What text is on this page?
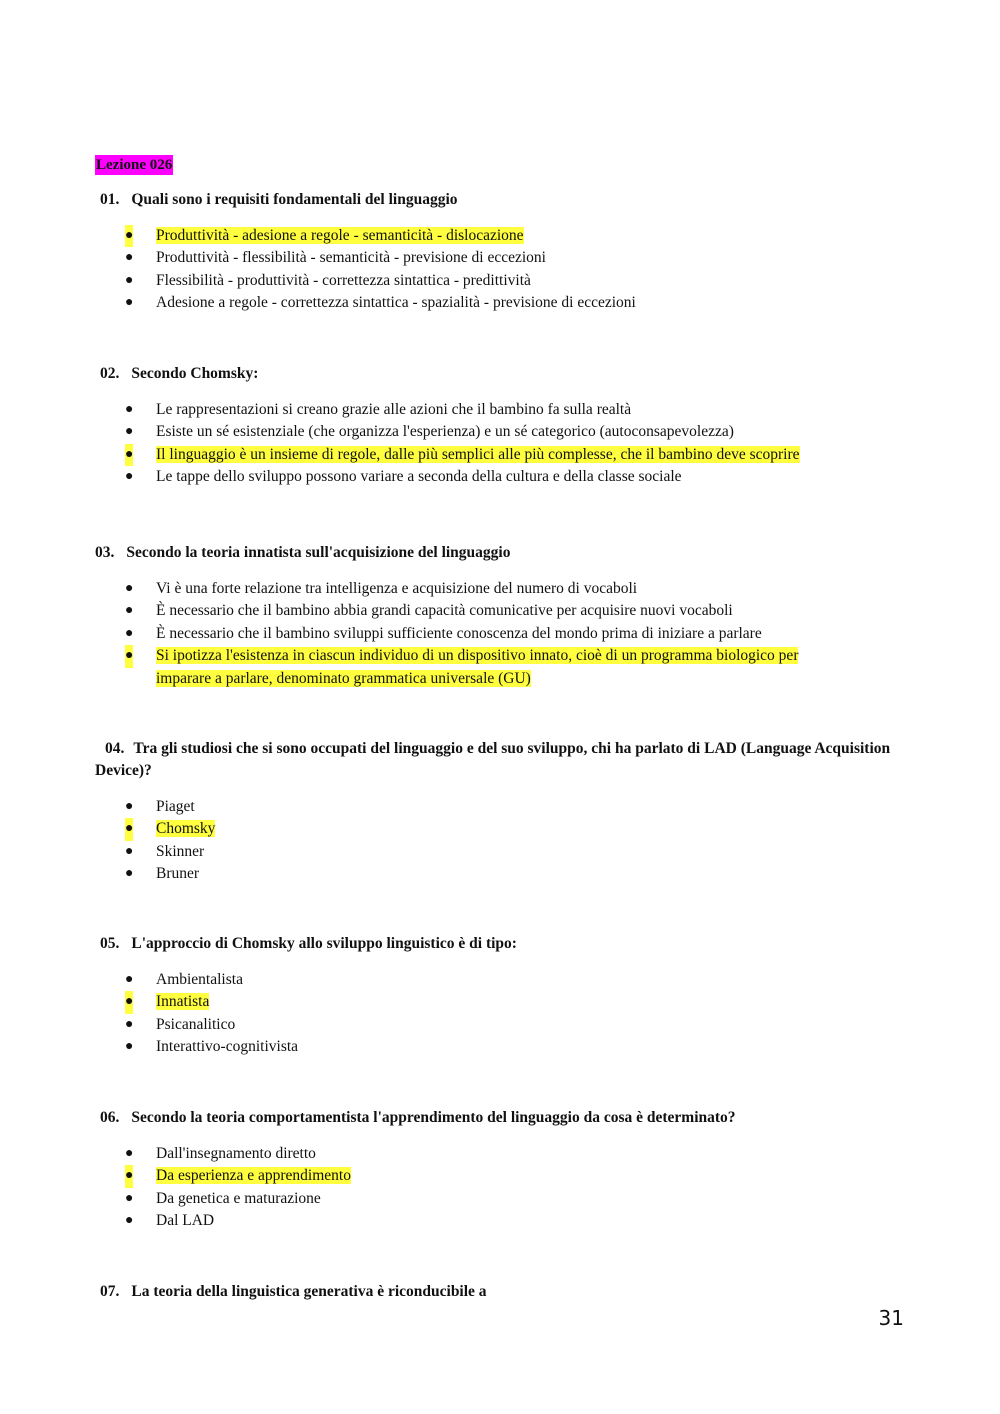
Lezione 026
01. Quali sono i requisiti fondamentali del linguaggio
● Produttività - adesione a regole - semanticità - dislocazione
● Produttività - flessibilità - semanticità - previsione di eccezioni
● Flessibilità - produttività - correttezza sintattica - predittività
● Adesione a regole - correttezza sintattica - spazialità - previsione di eccezioni
02. Secondo Chomsky:
● Le rappresentazioni si creano grazie alle azioni che il bambino fa sulla realtà
● Esiste un sé esistenziale (che organizza l'esperienza) e un sé categorico (autoconsapevolezza)
● Il linguaggio è un insieme di regole, dalle più semplici alle più complesse, che il bambino deve scoprire
● Le tappe dello sviluppo possono variare a seconda della cultura e della classe sociale
03. Secondo la teoria innatista sull'acquisizione del linguaggio
● Vi è una forte relazione tra intelligenza e acquisizione del numero di vocaboli
● È necessario che il bambino abbia grandi capacità comunicative per acquisire nuovi vocaboli
● È necessario che il bambino sviluppi sufficiente conoscenza del mondo prima di iniziare a parlare
● Si ipotizza l'esistenza in ciascun individuo di un dispositivo innato, cioè di un programma biologico per imparare a parlare, denominato grammatica universale (GU)
04. Tra gli studiosi che si sono occupati del linguaggio e del suo sviluppo, chi ha parlato di LAD (Language Acquisition Device)?
● Piaget
● Chomsky
● Skinner
● Bruner
05. L'approccio di Chomsky allo sviluppo linguistico è di tipo:
● Ambientalista
● Innatista
● Psicanalitico
● Interattivo-cognitivista
06. Secondo la teoria comportamentista l'apprendimento del linguaggio da cosa è determinato?
● Dall'insegnamento diretto
● Da esperienza e apprendimento
● Da genetica e maturazione
● Dal LAD
07. La teoria della linguistica generativa è riconducibile a
31
